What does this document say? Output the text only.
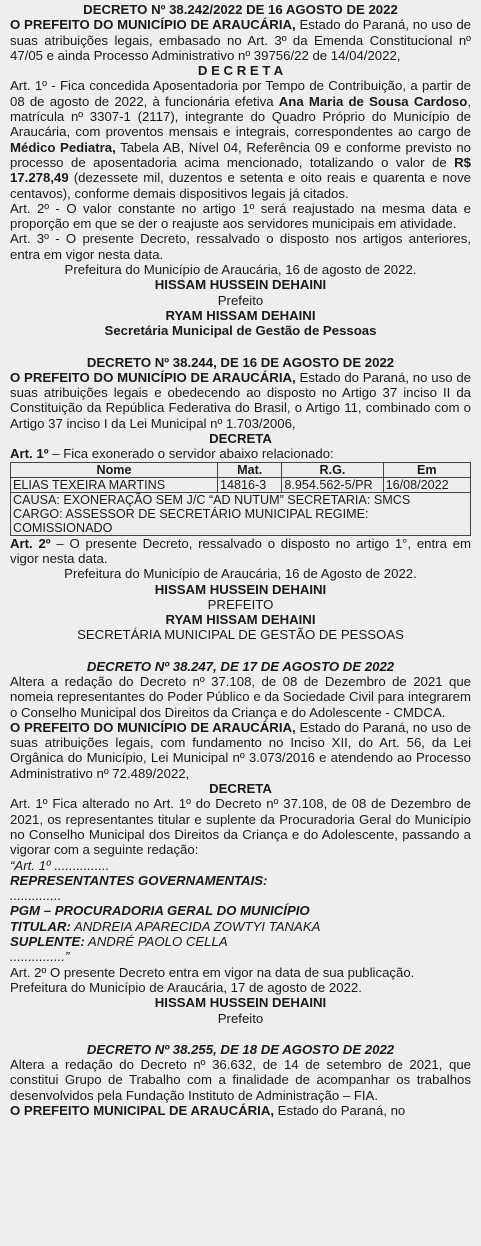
DECRETO Nº 38.242/2022 DE 16 AGOSTO DE 2022

O PREFEITO DO MUNICÍPIO DE ARAUCÁRIA, Estado do Paraná, no uso de suas atribuições legais, embasado no Art. 3º da Emenda Constitucional nº 47/05 e ainda Processo Administrativo nº 39756/22 de 14/04/2022,

D E C R E T A

Art. 1º - Fica concedida Aposentadoria por Tempo de Contribuição, a partir de 08 de agosto de 2022, à funcionária efetiva Ana Maria de Sousa Cardoso, matrícula nº 3307-1 (2117), integrante do Quadro Próprio do Município de Araucária, com proventos mensais e integrais, correspondentes ao cargo de Médico Pediatra, Tabela AB, Nível 04, Referência 09 e conforme previsto no processo de aposentadoria acima mencionado, totalizando o valor de R$ 17.278,49 (dezessete mil, duzentos e setenta e oito reais e quarenta e nove centavos), conforme demais dispositivos legais já citados.

Art. 2º - O valor constante no artigo 1º será reajustado na mesma data e proporção em que se der o reajuste aos servidores municipais em atividade.

Art. 3º - O presente Decreto, ressalvado o disposto nos artigos anteriores, entra em vigor nesta data.

Prefeitura do Município de Araucária, 16 de agosto de 2022.

HISSAM HUSSEIN DEHAINI

Prefeito

RYAM HISSAM DEHAINI

Secretária Municipal de Gestão de Pessoas

DECRETO Nº 38.244, DE 16 DE AGOSTO DE 2022

O PREFEITO DO MUNICÍPIO DE ARAUCÁRIA, Estado do Paraná, no uso de suas atribuições legais e obedecendo ao disposto no Artigo 37 inciso II da Constituição da República Federativa do Brasil, o Artigo 11, combinado com o Artigo 37 inciso I da Lei Municipal nº 1.703/2006,

DECRETA

Art. 1º – Fica exonerado o servidor abaixo relacionado:

Nome	Mat.	R.G.	Em
ELIAS TEXEIRA MARTINS	14816-3	8.954.562-5/PR	16/08/2022

CAUSA: EXONERAÇÃO SEM J/C “AD NUTUM” SECRETARIA: SMCS

CARGO: ASSESSOR DE SECRETÁRIO MUNICIPAL REGIME: COMISSIONADO

Art. 2º – O presente Decreto, ressalvado o disposto no artigo 1°, entra em vigor nesta data.

Prefeitura do Município de Araucária, 16 de Agosto de 2022.

HISSAM HUSSEIN DEHAINI

PREFEITO

RYAM HISSAM DEHAINI

SECRETÁRIA MUNICIPAL DE GESTÃO DE PESSOAS

DECRETO Nº 38.247, DE 17 DE AGOSTO DE 2022

Altera a redação do Decreto nº 37.108, de 08 de Dezembro de 2021 que nomeia representantes do Poder Público e da Sociedade Civil para integrarem o Conselho Municipal dos Direitos da Criança e do Adolescente - CMDCA.

O PREFEITO DO MUNICÍPIO DE ARAUCÁRIA, Estado do Paraná, no uso de suas atribuições legais, com fundamento no Inciso XII, do Art. 56, da Lei Orgânica do Município, Lei Municipal nº 3.073/2016 e atendendo ao Processo Administrativo nº 72.489/2022,

DECRETA

Art. 1º Fica alterado no Art. 1º do Decreto nº 37.108, de 08 de Dezembro de 2021, os representantes titular e suplente da Procuradoria Geral do Município no Conselho Municipal dos Direitos da Criança e do Adolescente, passando a vigorar com a seguinte redação:

“Art. 1º ...............

REPRESENTANTES GOVERNAMENTAIS:

..............

PGM – PROCURADORIA GERAL DO MUNICÍPIO

TITULAR: ANDREIA APARECIDA ZOWTYI TANAKA

SUPLENTE: ANDRÉ PAOLO CELLA

...............”

Art. 2º O presente Decreto entra em vigor na data de sua publicação.

Prefeitura do Município de Araucária, 17 de agosto de 2022.

HISSAM HUSSEIN DEHAINI

Prefeito

DECRETO Nº 38.255, DE 18 DE AGOSTO DE 2022

Altera a redação do Decreto nº 36.632, de 14 de setembro de 2021, que constitui Grupo de Trabalho com a finalidade de acompanhar os trabalhos desenvolvidos pela Fundação Instituto de Administração – FIA.

O PREFEITO MUNICIPAL DE ARAUCÁRIA, Estado do Paraná, no
